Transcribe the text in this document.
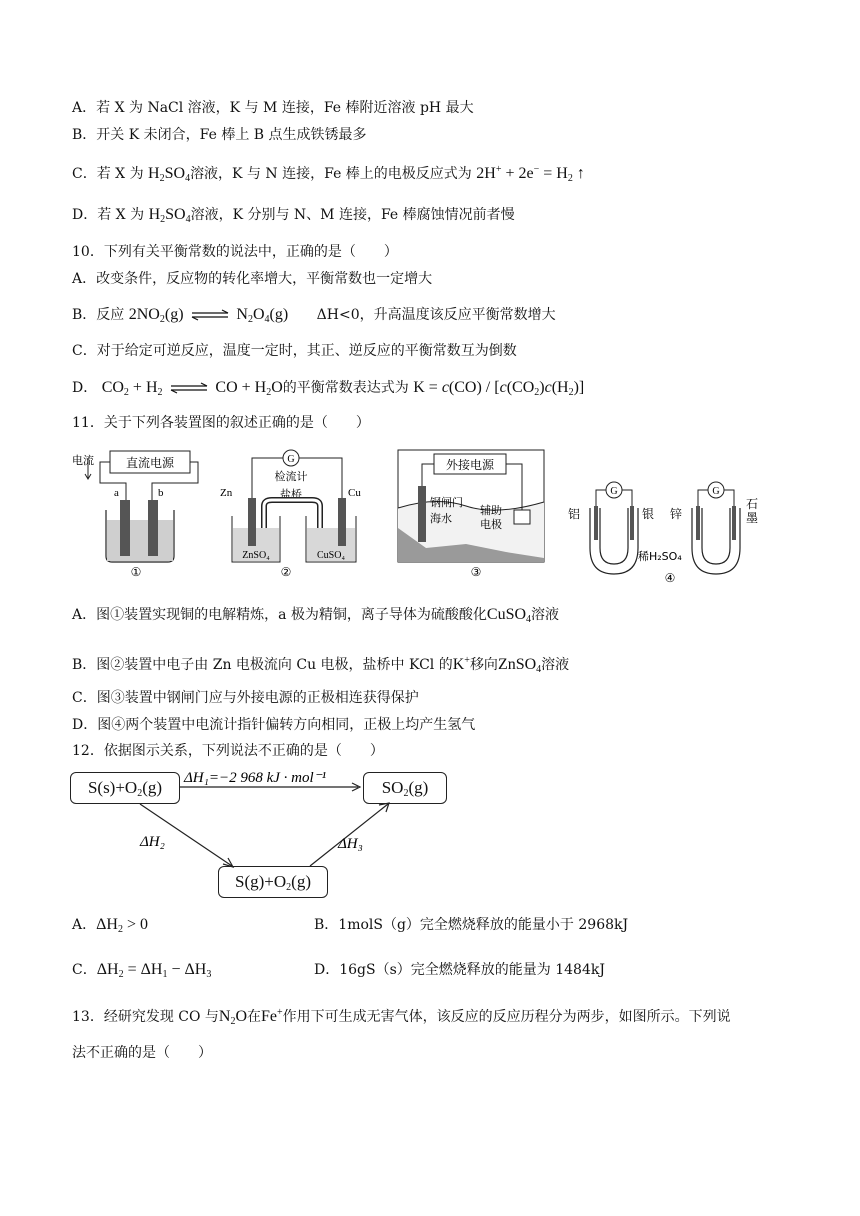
A．若 X 为 NaCl 溶液，K 与 M 连接，Fe 棒附近溶液 pH 最大
B．开关 K 未闭合，Fe 棒上 B 点生成铁锈最多
C．若 X 为 $H_2SO_4$溶液，K 与 N 连接，Fe 棒上的电极反应式为 $2H^+ + 2e^- = H_2$ ↑
D．若 X 为 $H_2SO_4$溶液，K 分别与 N、M 连接，Fe 棒腐蚀情况前者慢
10．下列有关平衡常数的说法中，正确的是（　　）
A．改变条件，反应物的转化率增大，平衡常数也一定增大
B．反应 $2NO_2(g)$ ⇌ $N_2O_4(g)$ ΔH<0，升高温度该反应平衡常数增大
C．对于给定可逆反应，温度一定时，其正、逆反应的平衡常数互为倒数
D． $CO_2 + H_2$ ⇌ CO + $H_2O$的平衡常数表达式为 $K = c(CO) / [c(CO_2)c(H_2)]$
11．关于下列各装置图的叙述正确的是（　　）
直流电源
电流
a	b
①
G
检流计
盐桥
Zn	Cu
ZnSO₄	CuSO₄
②
外接电源
钢闸门
海水
辅助
电极
③
G
铝	银
G
锌
石
墨
稀H₂SO₄
④
A．图①装置实现铜的电解精炼，a 极为精铜，离子导体为硫酸酸化CuSO$_4$溶液
B．图②装置中电子由 Zn 电极流向 Cu 电极，盐桥中 KCl 的K+移向ZnSO$_4$溶液
C．图③装置中钢闸门应与外接电源的正极相连获得保护
D．图④两个装置中电流计指针偏转方向相同，正极上均产生氢气
12．依据图示关系，下列说法不正确的是（　　）
$S(s)+O_2(g)$	$SO_2(g)$
$S(g)+O_2(g)$
ΔH₁=−2 968 kJ · mol⁻¹
ΔH₂	ΔH₃
A．$\Delta H_2 > 0$	B．1molS（g）完全燃烧释放的能量小于 2968kJ
C．$\Delta H_2 = \Delta H_1 - \Delta H_3$	D．16gS（s）完全燃烧释放的能量为 1484kJ
13．经研究发现 CO 与$N_2O$在Fe+作用下可生成无害气体，该反应的反应历程分为两步，如图所示。下列说
法不正确的是（　　）
